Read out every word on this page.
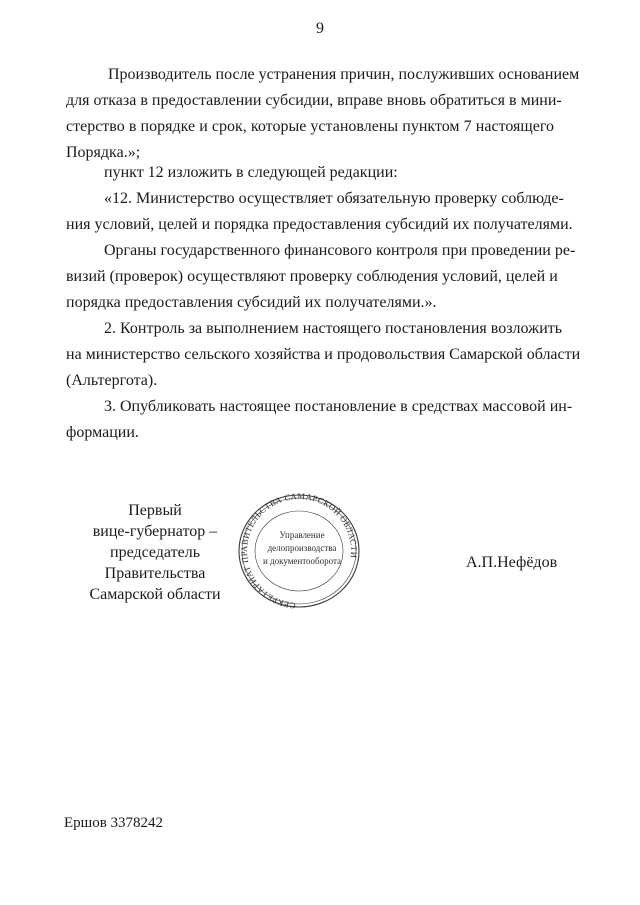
9
Производитель после устранения причин, послуживших основанием
для отказа в предоставлении субсидии, вправе вновь обратиться в мини-
стерство в порядке и срок, которые установлены пунктом 7 настоящего
Порядка.»;
пункт 12 изложить в следующей редакции:
«12. Министерство осуществляет обязательную проверку соблюде-
ния условий, целей и порядка предоставления субсидий их получателями.
Органы государственного финансового контроля при проведении ре-
визий (проверок) осуществляют проверку соблюдения условий, целей и
порядка предоставления субсидий их получателями.».
2. Контроль за выполнением настоящего постановления возложить
на министерство сельского хозяйства и продовольствия Самарской области
(Альтергота).
3. Опубликовать настоящее постановление в средствах массовой ин-
формации.
Первый
вице-губернатор –
председатель Правительства
Самарской области
СЕКРЕТАРИАТ ПРАВИТЕЛЬСТВА САМАРСКОЙ ОБЛАСТИ
Управление
делопроизводства
и документооборота	А.П.Нефёдов
Ершов 3378242
